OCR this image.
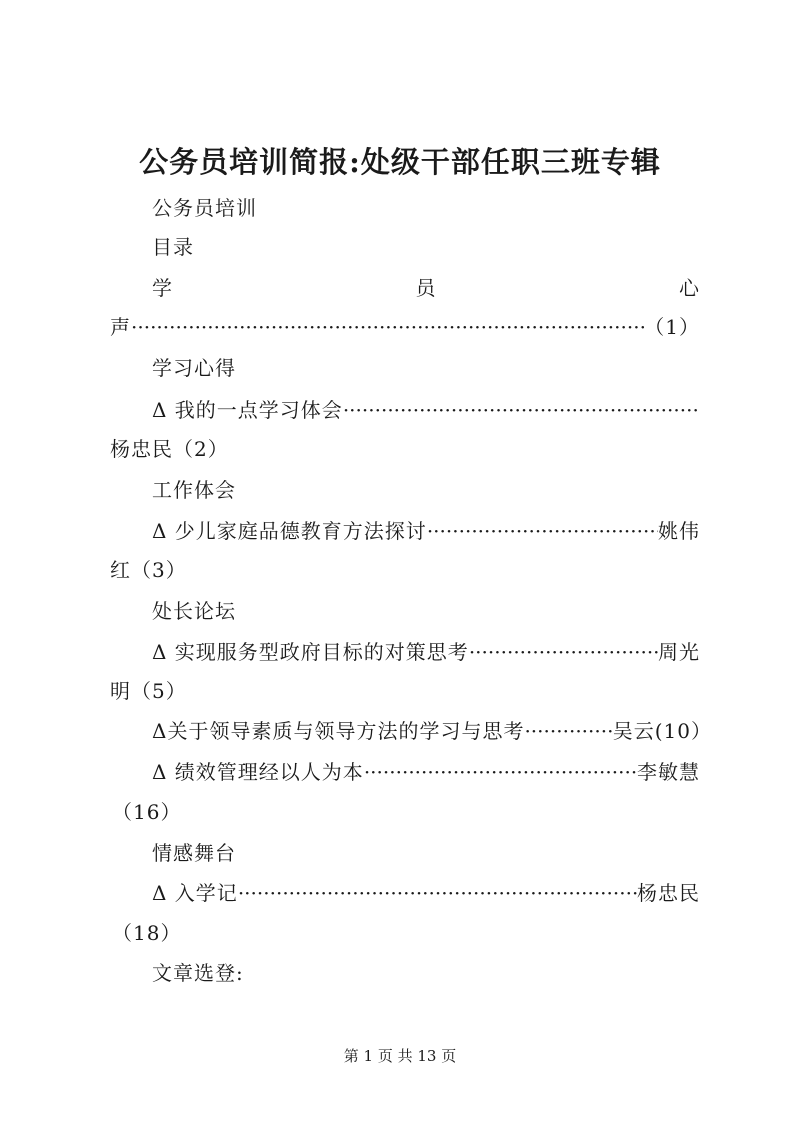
公务员培训简报:处级干部任职三班专辑
公务员培训
目录
学	员	心
声 ·····	（1）
学习心得
Δ 我的一点学习体会
·····
杨忠民（2）
工作体会
Δ 少儿家庭品德教育方法探讨 ·····	姚伟
红（3）
处长论坛
Δ 实现服务型政府目标的对策思考 ·····	周光
明（5）
Δ关于领导素质与领导方法的学习与思考 ·····	吴云(10）
Δ 绩效管理经以人为本 ·····	李敏慧
（16）
情感舞台
Δ 入学记 ·····	杨忠民
（18）
文章选登:
第 1 页 共 13 页
